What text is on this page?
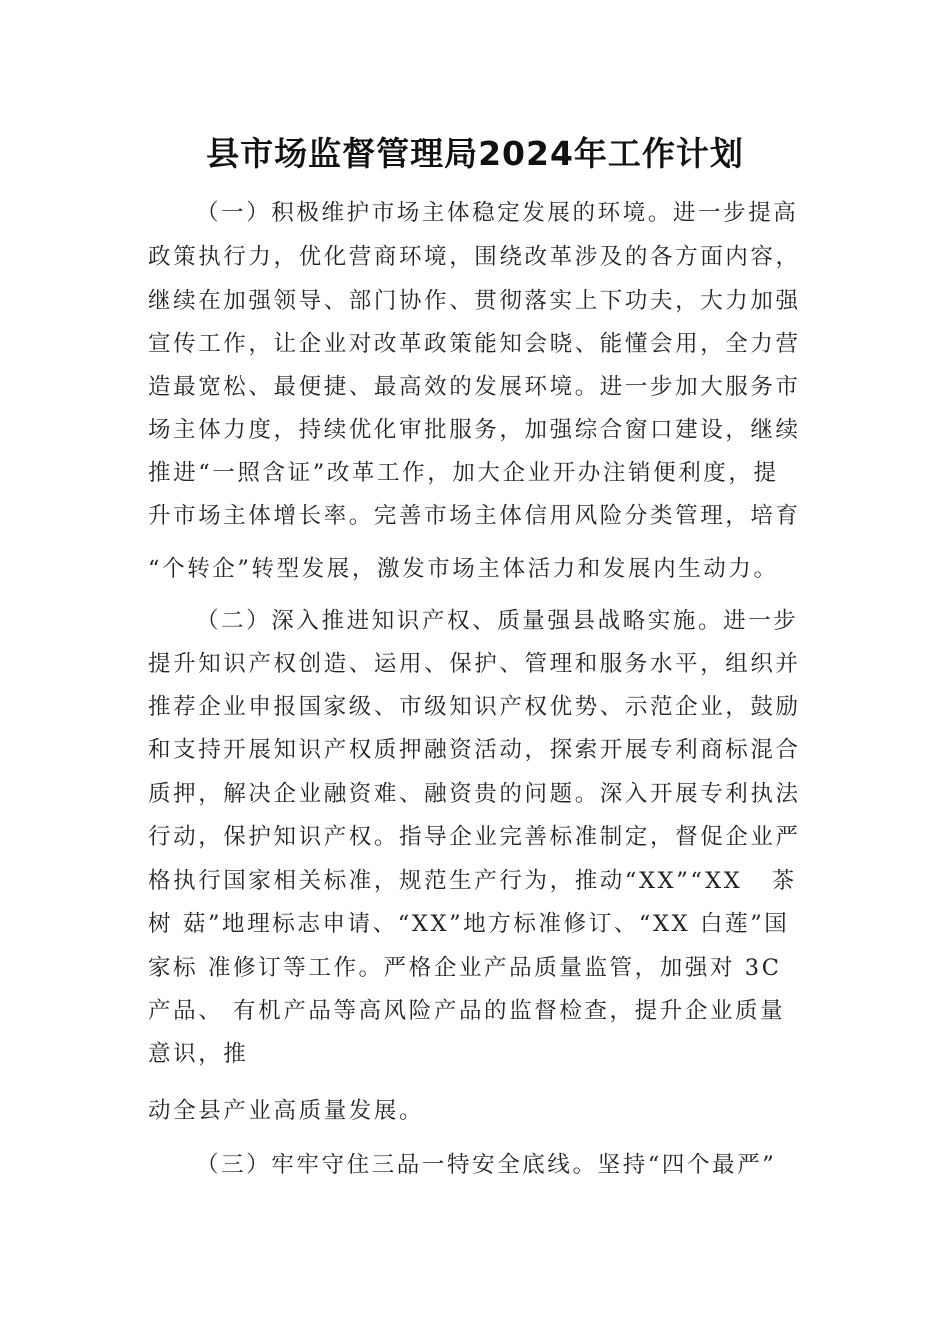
县市场监督管理局2024年工作计划
（一）积极维护市场主体稳定发展的环境。进一步提高
政策执行力，优化营商环境，围绕改革涉及的各方面内容，
继续在加强领导、部门协作、贯彻落实上下功夫，大力加强
宣传工作，让企业对改革政策能知会晓、能懂会用，全力营
造最宽松、最便捷、最高效的发展环境。进一步加大服务市
场主体力度，持续优化审批服务，加强综合窗口建设，继续
推进“一照含证”改革工作，加大企业开办注销便利度，提
升市场主体增长率。完善市场主体信用风险分类管理，培育
“个转企”转型发展，激发市场主体活力和发展内生动力。
（二）深入推进知识产权、质量强县战略实施。进一步
提升知识产权创造、运用、保护、管理和服务水平，组织并
推荐企业申报国家级、市级知识产权优势、示范企业，鼓励
和支持开展知识产权质押融资活动，探索开展专利商标混合
质押，解决企业融资难、融资贵的问题。深入开展专利执法
行动，保护知识产权。指导企业完善标准制定，督促企业严
格执行国家相关标准，规范生产行为，推动“XX”“XX   茶
树 菇”地理标志申请、“XX”地方标准修订、“XX 白莲”国
家标 准修订等工作。严格企业产品质量监管，加强对 3C
产品、 有机产品等高风险产品的监督检查，提升企业质量
意识，推
动全县产业高质量发展。
（三）牢牢守住三品一特安全底线。坚持“四个最严”
